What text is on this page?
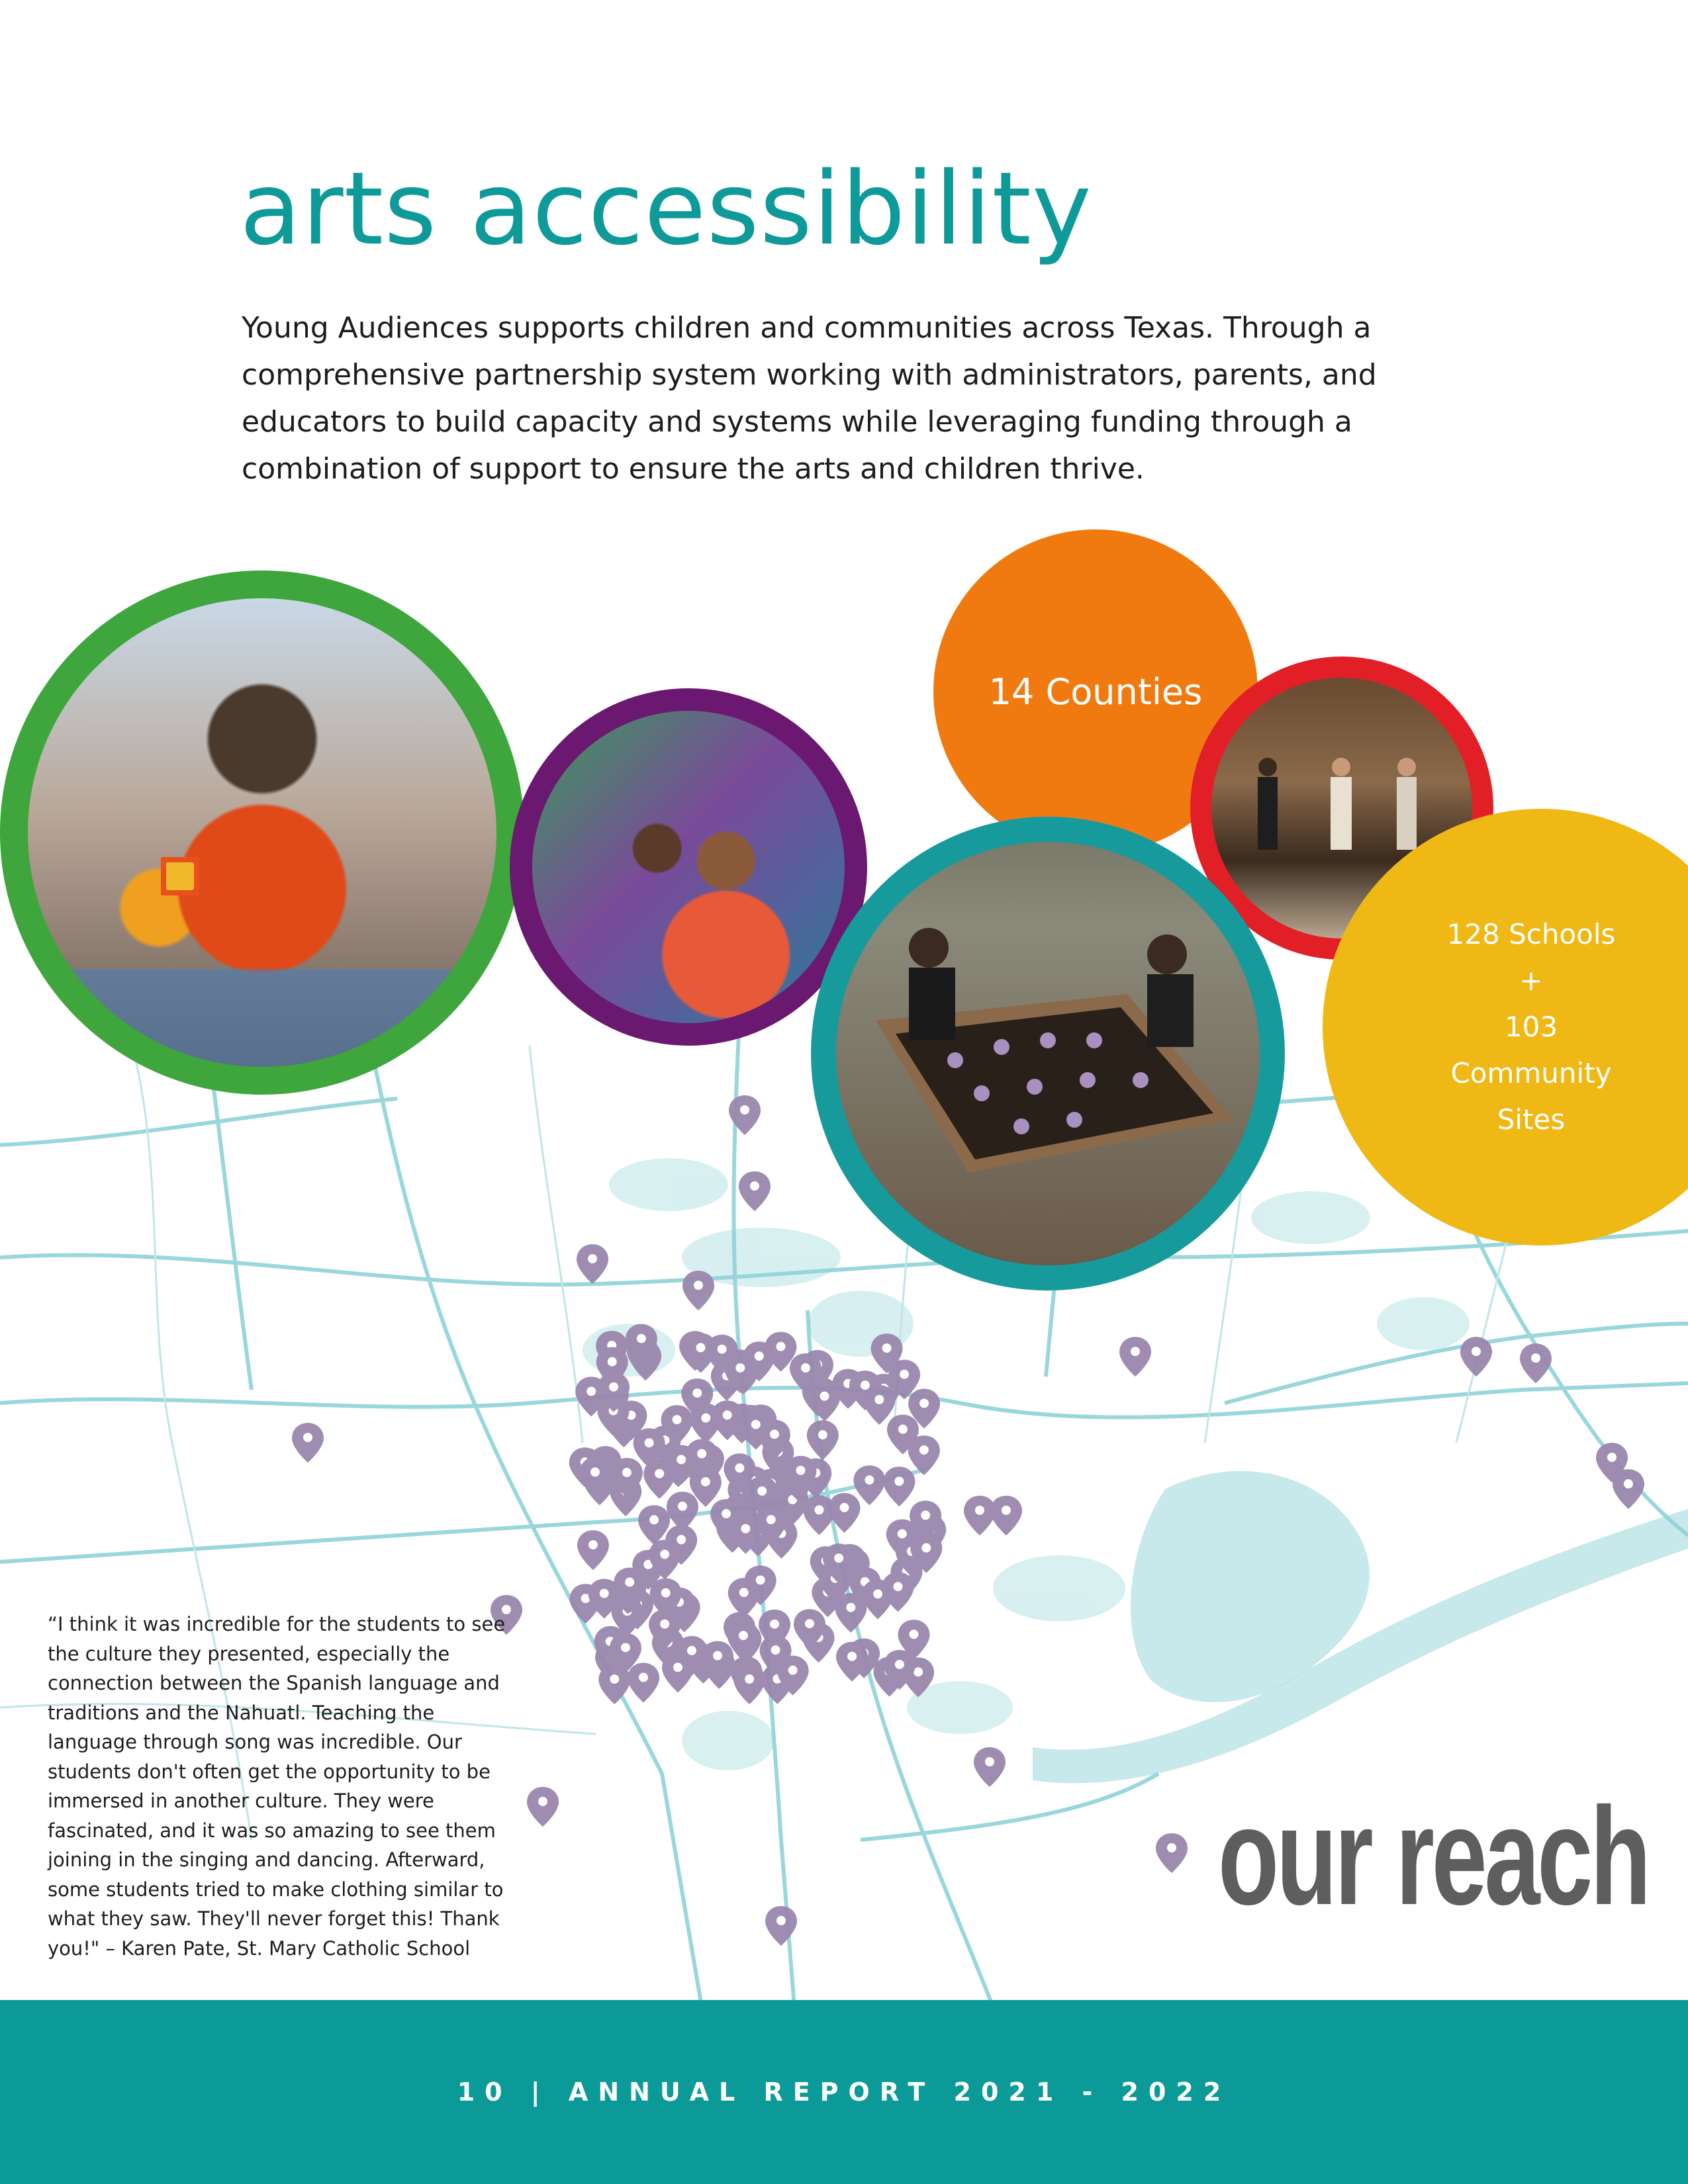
arts accessibility

Young Audiences supports children and communities across Texas. Through a comprehensive partnership system working with administrators, parents, and educators to build capacity and systems while leveraging funding through a combination of support to ensure the arts and children thrive.

14 Counties
128 Schools
+
103 Community
Sites

“I think it was incredible for the students to see the culture they presented, especially the connection between the Spanish language and traditions and the Nahuatl. Teaching the language through song was incredible. Our students don't often get the opportunity to be immersed in another culture. They were fascinated, and it was so amazing to see them joining in the singing and dancing. Afterward, some students tried to make clothing similar to what they saw. They'll never forget this! Thank you!" – Karen Pate, St. Mary Catholic School

our reach
10 | ANNUAL REPORT 2021 - 2022
